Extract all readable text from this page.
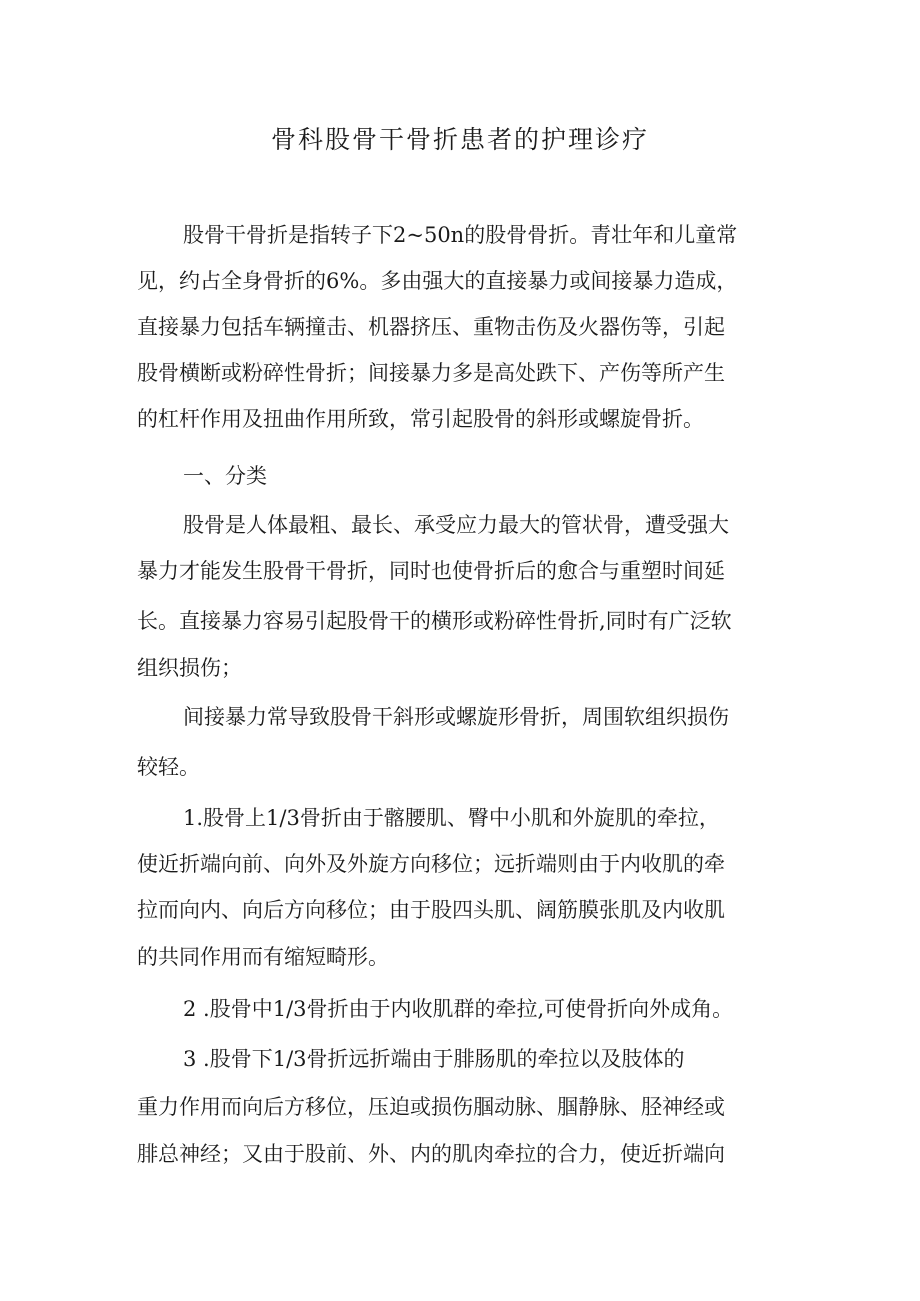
骨科股骨干骨折患者的护理诊疗
股骨干骨折是指转子下2~50n的股骨骨折。青壮年和儿童常
见，约占全身骨折的6%。多由强大的直接暴力或间接暴力造成，
直接暴力包括车辆撞击、机器挤压、重物击伤及火器伤等，引起
股骨横断或粉碎性骨折；间接暴力多是高处跌下、产伤等所产生
的杠杆作用及扭曲作用所致，常引起股骨的斜形或螺旋骨折。
一、分类
股骨是人体最粗、最长、承受应力最大的管状骨，遭受强大
暴力才能发生股骨干骨折，同时也使骨折后的愈合与重塑时间延
长。直接暴力容易引起股骨干的横形或粉碎性骨折,同时有广泛软
组织损伤；
间接暴力常导致股骨干斜形或螺旋形骨折，周围软组织损伤
较轻。
1.股骨上1/3骨折由于髂腰肌、臀中小肌和外旋肌的牵拉，
使近折端向前、向外及外旋方向移位；远折端则由于内收肌的牵
拉而向内、向后方向移位；由于股四头肌、阔筋膜张肌及内收肌
的共同作用而有缩短畸形。
2 .股骨中1/3骨折由于内收肌群的牵拉,可使骨折向外成角。
3 .股骨下1/3骨折远折端由于腓肠肌的牵拉以及肢体的
重力作用而向后方移位，压迫或损伤腘动脉、腘静脉、胫神经或
腓总神经；又由于股前、外、内的肌肉牵拉的合力，使近折端向
